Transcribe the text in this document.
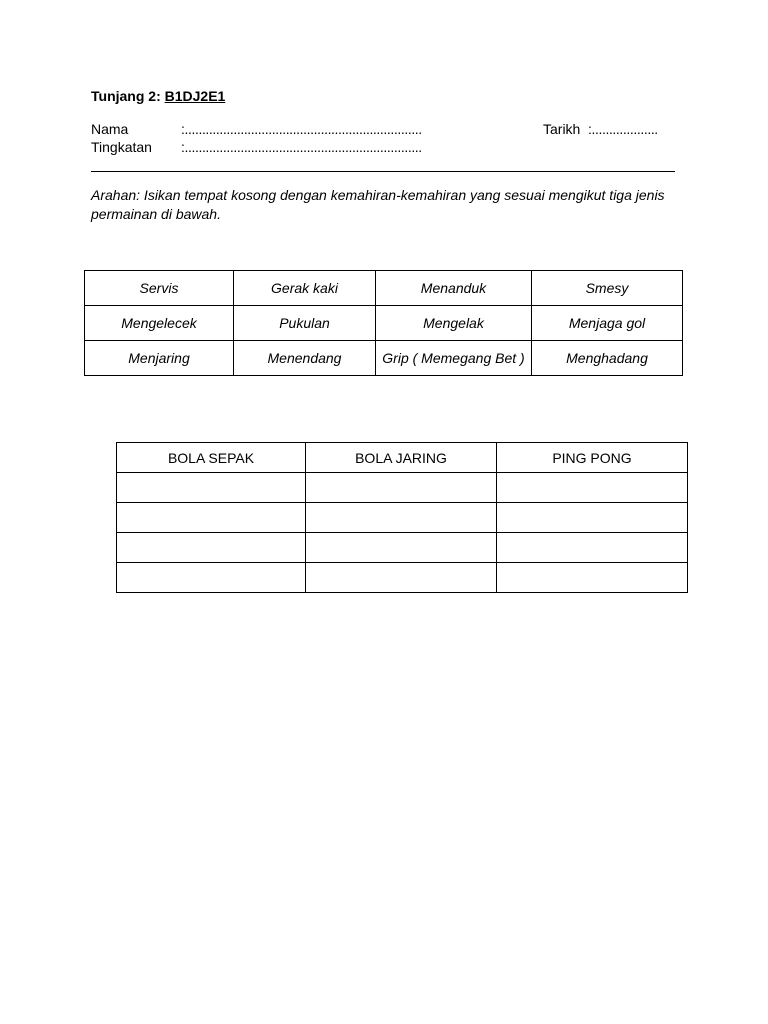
Tunjang 2: B1DJ2E1
Nama	:....................................................................	Tarikh :...................
Tingkatan :....................................................................
Arahan: Isikan tempat kosong dengan kemahiran-kemahiran yang sesuai mengikut tiga jenis permainan di bawah.
Servis	Gerak kaki	Menanduk	Smesy
Mengelecek	Pukulan	Mengelak	Menjaga gol
Menjaring	Menendang	Grip ( Memegang Bet )	Menghadang
BOLA SEPAK	BOLA JARING	PING PONG
